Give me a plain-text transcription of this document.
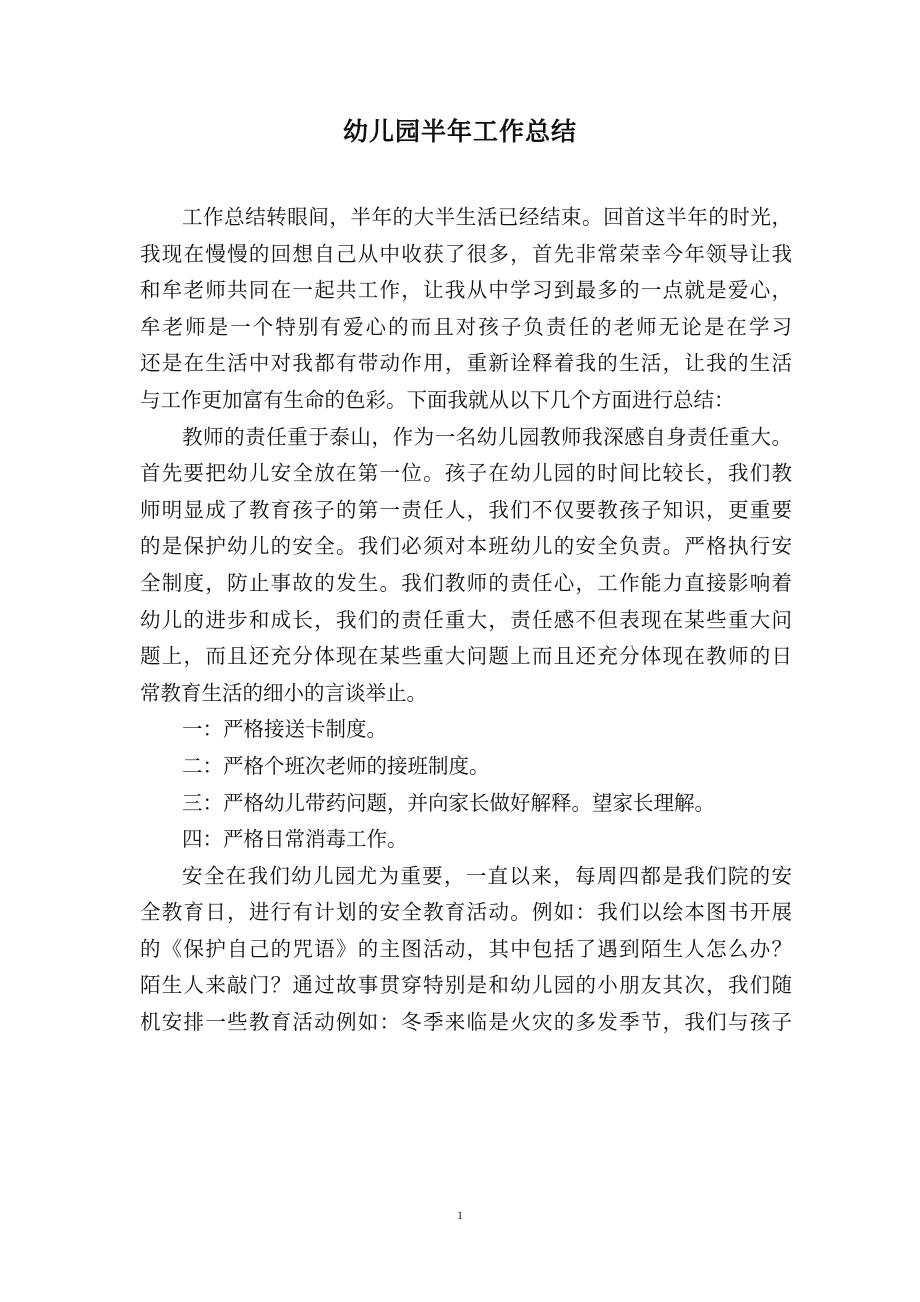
幼儿园半年工作总结
工作总结转眼间，半年的大半生活已经结束。回首这半年的时光，
我现在慢慢的回想自己从中收获了很多，首先非常荣幸今年领导让我
和牟老师共同在一起共工作，让我从中学习到最多的一点就是爱心，
牟老师是一个特别有爱心的而且对孩子负责任的老师无论是在学习
还是在生活中对我都有带动作用，重新诠释着我的生活，让我的生活
与工作更加富有生命的色彩。下面我就从以下几个方面进行总结：
教师的责任重于泰山，作为一名幼儿园教师我深感自身责任重大。
首先要把幼儿安全放在第一位。孩子在幼儿园的时间比较长，我们教
师明显成了教育孩子的第一责任人，我们不仅要教孩子知识，更重要
的是保护幼儿的安全。我们必须对本班幼儿的安全负责。严格执行安
全制度，防止事故的发生。我们教师的责任心，工作能力直接影响着
幼儿的进步和成长，我们的责任重大，责任感不但表现在某些重大问
题上，而且还充分体现在某些重大问题上而且还充分体现在教师的日
常教育生活的细小的言谈举止。
一：严格接送卡制度。
二：严格个班次老师的接班制度。
三：严格幼儿带药问题，并向家长做好解释。望家长理解。
四：严格日常消毒工作。
安全在我们幼儿园尤为重要，一直以来，每周四都是我们院的安
全教育日，进行有计划的安全教育活动。例如：我们以绘本图书开展
的《保护自己的咒语》的主图活动，其中包括了遇到陌生人怎么办？
陌生人来敲门？通过故事贯穿特别是和幼儿园的小朋友其次，我们随
机安排一些教育活动例如：冬季来临是火灾的多发季节，我们与孩子
1
